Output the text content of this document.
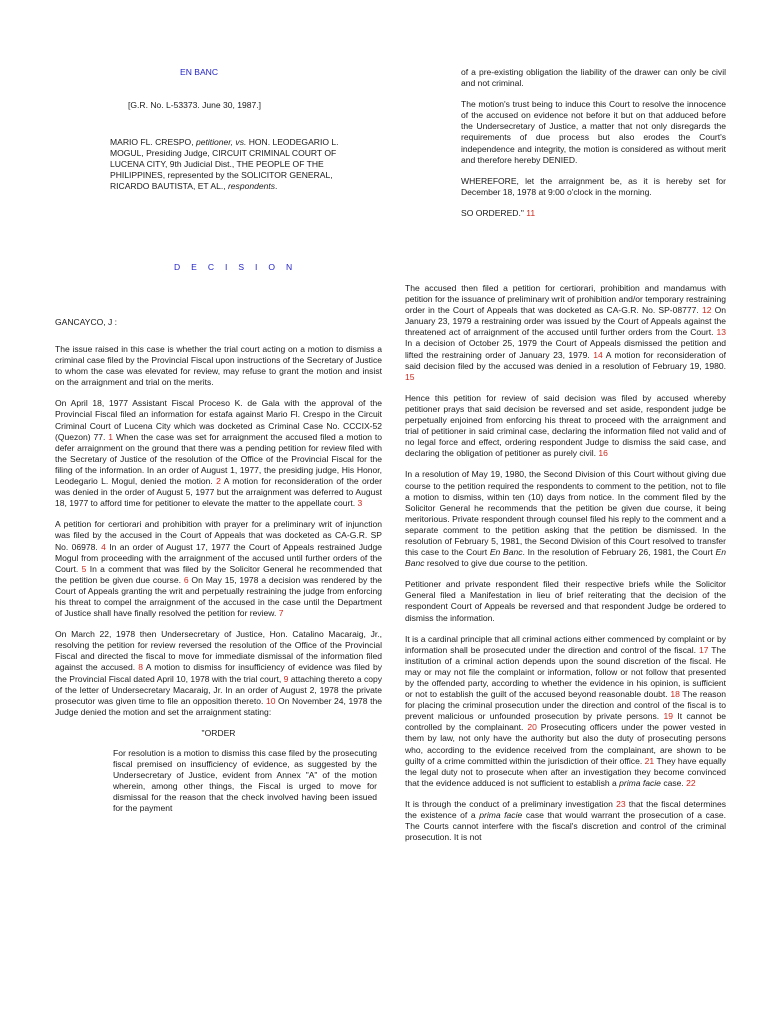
EN BANC
[G.R. No. L-53373. June 30, 1987.]
MARIO FL. CRESPO, petitioner, vs. HON. LEODEGARIO L. MOGUL, Presiding Judge, CIRCUIT CRIMINAL COURT OF LUCENA CITY, 9th Judicial Dist., THE PEOPLE OF THE PHILIPPINES, represented by the SOLICITOR GENERAL, RICARDO BAUTISTA, ET AL., respondents.
D E C I S I O N
GANCAYCO, J :

The issue raised in this case is whether the trial court acting on a motion to dismiss a criminal case filed by the Provincial Fiscal upon instructions of the Secretary of Justice to whom the case was elevated for review, may refuse to grant the motion and insist on the arraignment and trial on the merits.

On April 18, 1977 Assistant Fiscal Proceso K. de Gala with the approval of the Provincial Fiscal filed an information for estafa against Mario Fl. Crespo in the Circuit Criminal Court of Lucena City which was docketed as Criminal Case No. CCCIX-52 (Quezon) 77. 1 When the case was set for arraignment the accused filed a motion to defer arraignment on the ground that there was a pending petition for review filed with the Secretary of Justice of the resolution of the Office of the Provincial Fiscal for the filing of the information. In an order of August 1, 1977, the presiding judge, His Honor, Leodegario L. Mogul, denied the motion. 2 A motion for reconsideration of the order was denied in the order of August 5, 1977 but the arraignment was deferred to August 18, 1977 to afford time for petitioner to elevate the matter to the appellate court. 3

A petition for certiorari and prohibition with prayer for a preliminary writ of injunction was filed by the accused in the Court of Appeals that was docketed as CA-G.R. SP No. 06978. 4 In an order of August 17, 1977 the Court of Appeals restrained Judge Mogul from proceeding with the arraignment of the accused until further orders of the Court. 5 In a comment that was filed by the Solicitor General he recommended that the petition be given due course. 6 On May 15, 1978 a decision was rendered by the Court of Appeals granting the writ and perpetually restraining the judge from enforcing his threat to compel the arraignment of the accused in the case until the Department of Justice shall have finally resolved the petition for review. 7

On March 22, 1978 then Undersecretary of Justice, Hon. Catalino Macaraig, Jr., resolving the petition for review reversed the resolution of the Office of the Provincial Fiscal and directed the fiscal to move for immediate dismissal of the information filed against the accused. 8 A motion to dismiss for insufficiency of evidence was filed by the Provincial Fiscal dated April 10, 1978 with the trial court, 9 attaching thereto a copy of the letter of Undersecretary Macaraig, Jr. In an order of August 2, 1978 the private prosecutor was given time to file an opposition thereto. 10 On November 24, 1978 the Judge denied the motion and set the arraignment stating:

"ORDER

For resolution is a motion to dismiss this case filed by the prosecuting fiscal premised on insufficiency of evidence, as suggested by the Undersecretary of Justice, evident from Annex "A" of the motion wherein, among other things, the Fiscal is urged to move for dismissal for the reason that the check involved having been issued for the payment

of a pre-existing obligation the liability of the drawer can only be civil and not criminal.

The motion's trust being to induce this Court to resolve the innocence of the accused on evidence not before it but on that adduced before the Undersecretary of Justice, a matter that not only disregards the requirements of due process but also erodes the Court's independence and integrity, the motion is considered as without merit and therefore hereby DENIED.

WHEREFORE, let the arraignment be, as it is hereby set for December 18, 1978 at 9:00 o'clock in the morning.

SO ORDERED." 11

The accused then filed a petition for certiorari, prohibition and mandamus with petition for the issuance of preliminary writ of prohibition and/or temporary restraining order in the Court of Appeals that was docketed as CA-G.R. No. SP-08777. 12 On January 23, 1979 a restraining order was issued by the Court of Appeals against the threatened act of arraignment of the accused until further orders from the Court. 13 In a decision of October 25, 1979 the Court of Appeals dismissed the petition and lifted the restraining order of January 23, 1979. 14 A motion for reconsideration of said decision filed by the accused was denied in a resolution of February 19, 1980. 15

Hence this petition for review of said decision was filed by accused whereby petitioner prays that said decision be reversed and set aside, respondent judge be perpetually enjoined from enforcing his threat to proceed with the arraignment and trial of petitioner in said criminal case, declaring the information filed not valid and of no legal force and effect, ordering respondent Judge to dismiss the said case, and declaring the obligation of petitioner as purely civil. 16

In a resolution of May 19, 1980, the Second Division of this Court without giving due course to the petition required the respondents to comment to the petition, not to file a motion to dismiss, within ten (10) days from notice. In the comment filed by the Solicitor General he recommends that the petition be given due course, it being meritorious. Private respondent through counsel filed his reply to the comment and a separate comment to the petition asking that the petition be dismissed. In the resolution of February 5, 1981, the Second Division of this Court resolved to transfer this case to the Court En Banc. In the resolution of February 26, 1981, the Court En Banc resolved to give due course to the petition.

Petitioner and private respondent filed their respective briefs while the Solicitor General filed a Manifestation in lieu of brief reiterating that the decision of the respondent Court of Appeals be reversed and that respondent Judge be ordered to dismiss the information.

It is a cardinal principle that all criminal actions either commenced by complaint or by information shall be prosecuted under the direction and control of the fiscal. 17 The institution of a criminal action depends upon the sound discretion of the fiscal. He may or may not file the complaint or information, follow or not follow that presented by the offended party, according to whether the evidence in his opinion, is sufficient or not to establish the guilt of the accused beyond reasonable doubt. 18 The reason for placing the criminal prosecution under the direction and control of the fiscal is to prevent malicious or unfounded prosecution by private persons. 19 It cannot be controlled by the complainant. 20 Prosecuting officers under the power vested in them by law, not only have the authority but also the duty of prosecuting persons who, according to the evidence received from the complainant, are shown to be guilty of a crime committed within the jurisdiction of their office. 21 They have equally the legal duty not to prosecute when after an investigation they become convinced that the evidence adduced is not sufficient to establish a prima facie case. 22

It is through the conduct of a preliminary investigation 23 that the fiscal determines the existence of a prima facie case that would warrant the prosecution of a case. The Courts cannot interfere with the fiscal's discretion and control of the criminal prosecution. It is not
